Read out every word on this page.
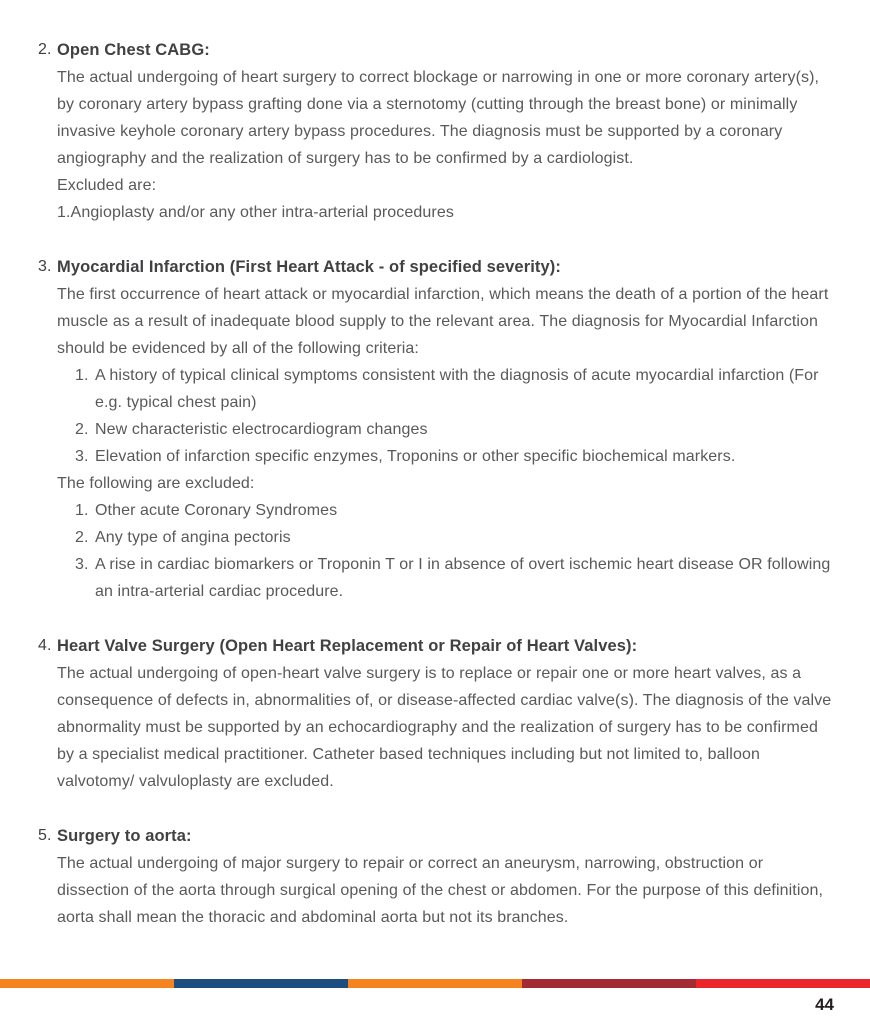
2. Open Chest CABG:

The actual undergoing of heart surgery to correct blockage or narrowing in one or more coronary artery(s), by coronary artery bypass grafting done via a sternotomy (cutting through the breast bone) or minimally invasive keyhole coronary artery bypass procedures. The diagnosis must be supported by a coronary angiography and the realization of surgery has to be confirmed by a cardiologist.

Excluded are:

1.Angioplasty and/or any other intra-arterial procedures

3. Myocardial Infarction (First Heart Attack - of specified severity):

The first occurrence of heart attack or myocardial infarction, which means the death of a portion of the heart muscle as a result of inadequate blood supply to the relevant area. The diagnosis for Myocardial Infarction should be evidenced by all of the following criteria:

1. A history of typical clinical symptoms consistent with the diagnosis of acute myocardial infarction (For e.g. typical chest pain)
2. New characteristic electrocardiogram changes
3. Elevation of infarction specific enzymes, Troponins or other specific biochemical markers.

The following are excluded:

1. Other acute Coronary Syndromes
2. Any type of angina pectoris
3. A rise in cardiac biomarkers or Troponin T or I in absence of overt ischemic heart disease OR following an intra-arterial cardiac procedure.
4. Heart Valve Surgery (Open Heart Replacement or Repair of Heart Valves):

The actual undergoing of open-heart valve surgery is to replace or repair one or more heart valves, as a consequence of defects in, abnormalities of, or disease-affected cardiac valve(s). The diagnosis of the valve abnormality must be supported by an echocardiography and the realization of surgery has to be confirmed by a specialist medical practitioner. Catheter based techniques including but not limited to, balloon valvotomy/ valvuloplasty are excluded.

5. Surgery to aorta:

The actual undergoing of major surgery to repair or correct an aneurysm, narrowing, obstruction or dissection of the aorta through surgical opening of the chest or abdomen. For the purpose of this definition, aorta shall mean the thoracic and abdominal aorta but not its branches.

44
